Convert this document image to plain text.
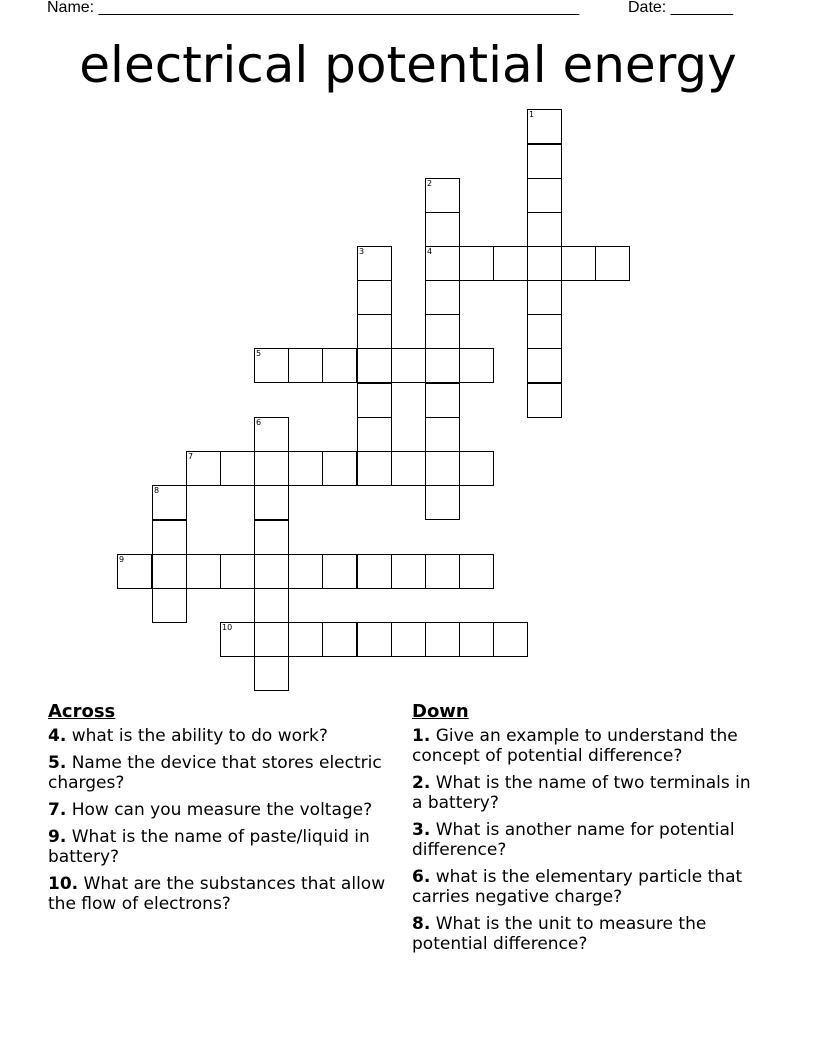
Name: ______________________________________________________	Date: _______
electrical potential energy
1
2
4
3
5
6
7
8
9
10
Across
4. what is the ability to do work?
5. Name the device that stores electric charges?
7. How can you measure the voltage?
9. What is the name of paste/liquid in battery?
10. What are the substances that allow the flow of electrons?
Down
1. Give an example to understand the concept of potential difference?
2. What is the name of two terminals in a battery?
3. What is another name for potential difference?
6. what is the elementary particle that carries negative charge?
8. What is the unit to measure the potential difference?
